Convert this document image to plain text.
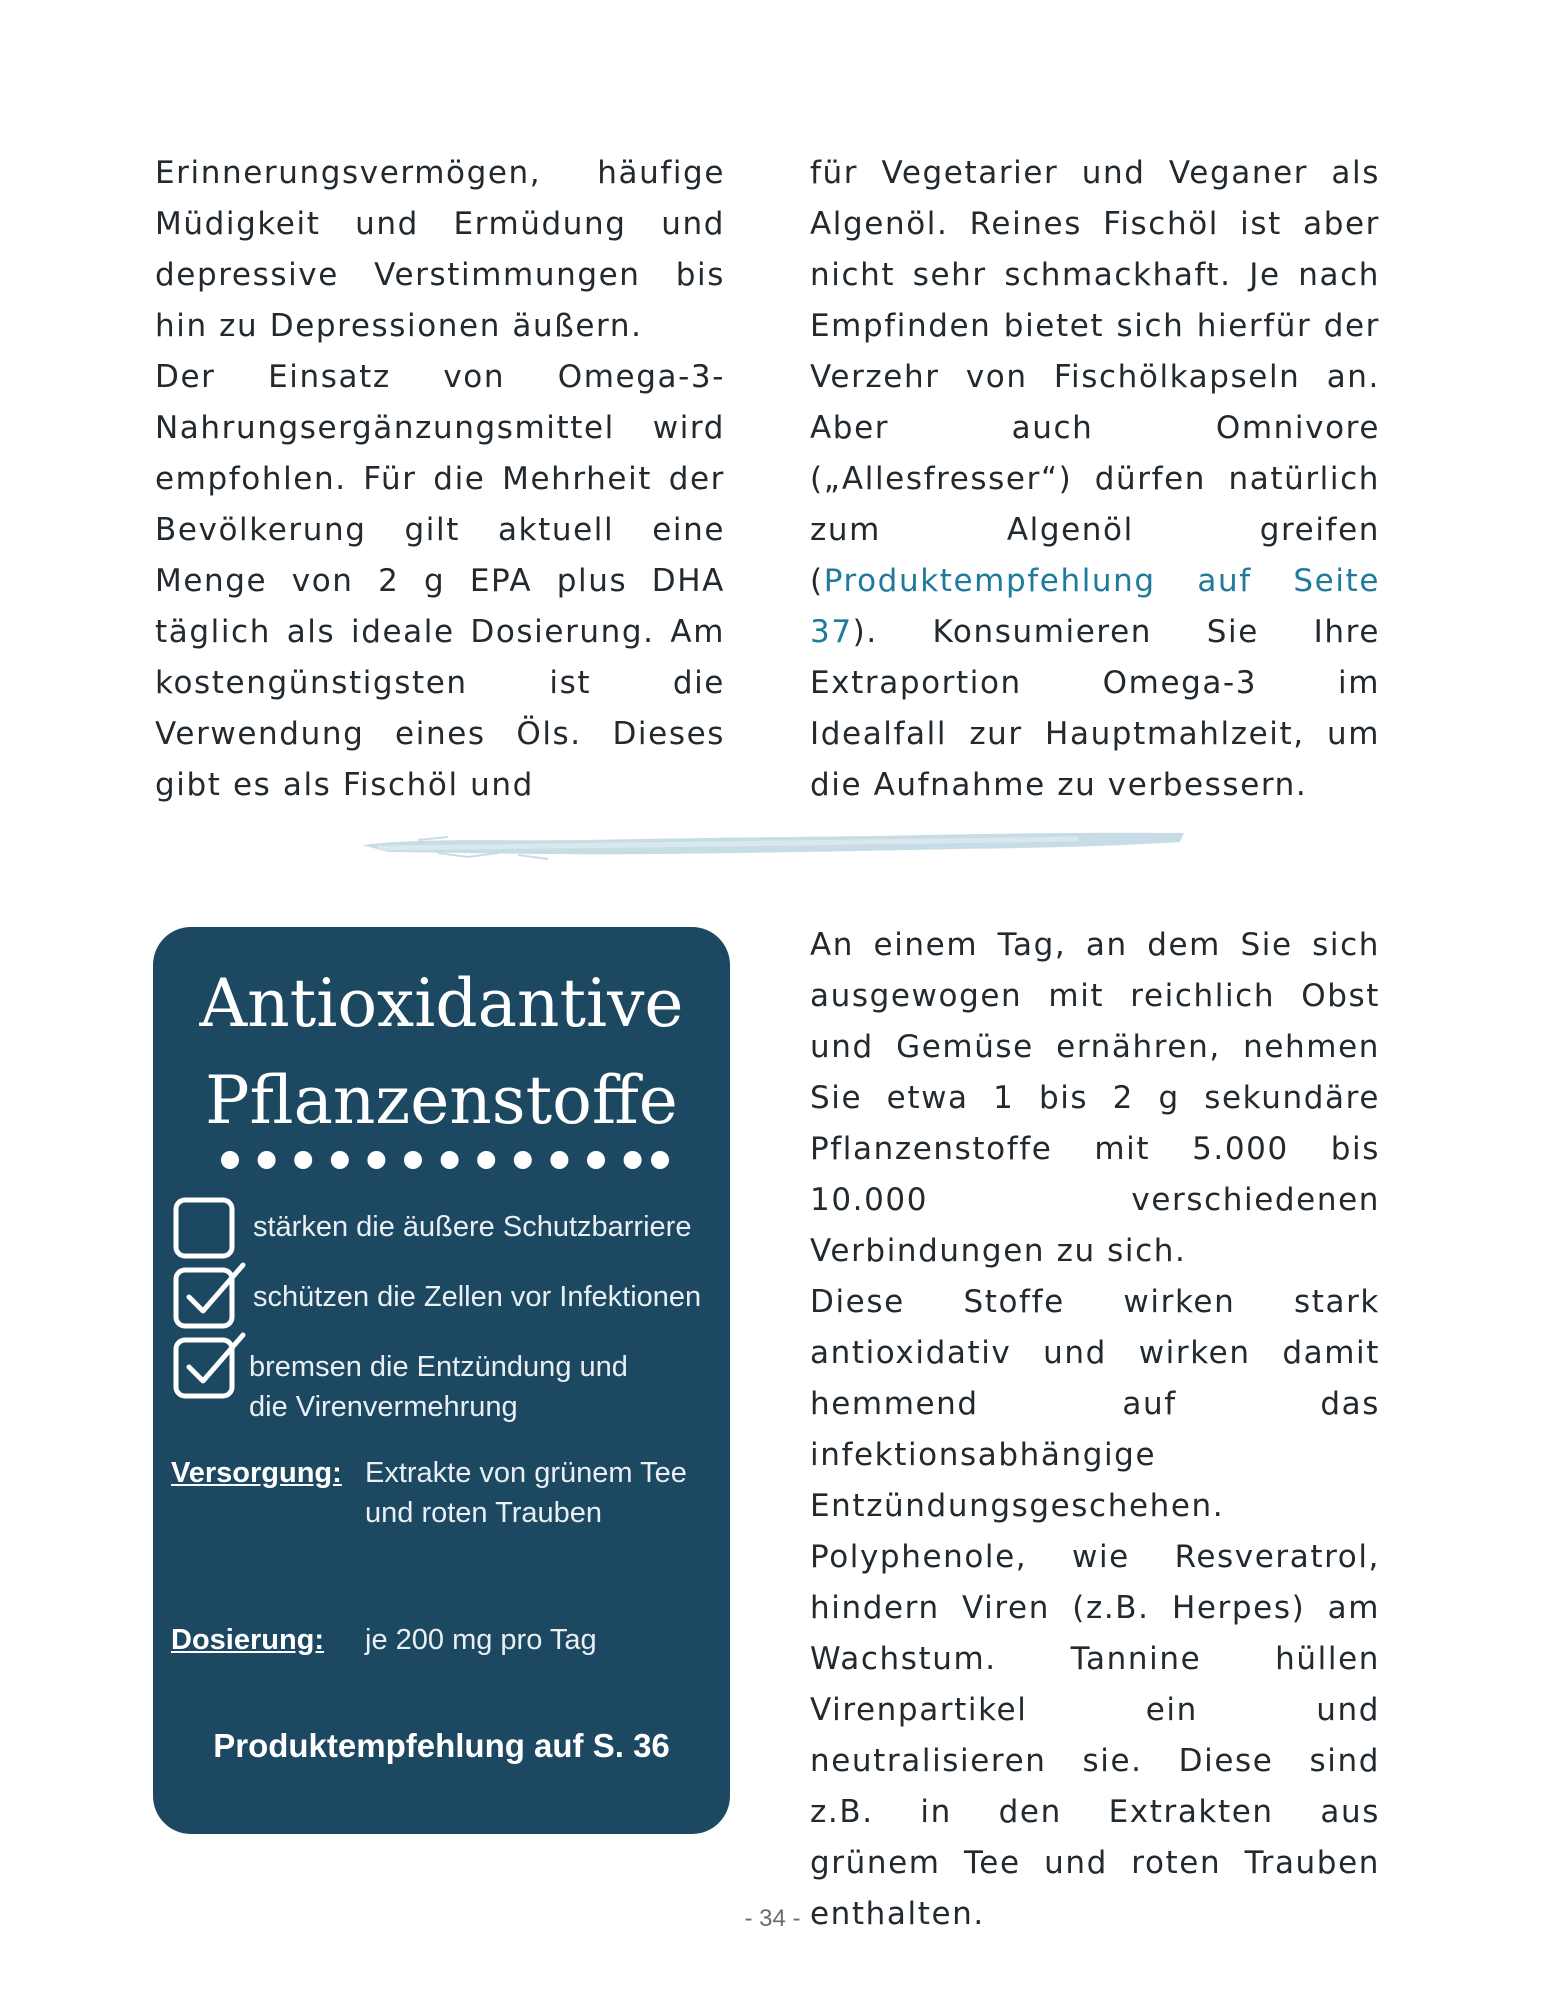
Erinnerungsvermögen, häufige Müdigkeit und Ermüdung und depressive Verstimmungen bis hin zu Depressionen äußern.

Der Einsatz von Omega-3-Nahrungsergänzungsmittel wird empfohlen. Für die Mehrheit der Bevölkerung gilt aktuell eine Menge von 2 g EPA plus DHA täglich als ideale Dosierung. Am kostengünstigsten ist die Verwendung eines Öls. Dieses gibt es als Fischöl und

für Vegetarier und Veganer als Algenöl. Reines Fischöl ist aber nicht sehr schmackhaft. Je nach Empfinden bietet sich hierfür der Verzehr von Fischölkapseln an. Aber auch Omnivore („Allesfresser“) dürfen natürlich zum Algenöl greifen (Produktempfehlung auf Seite 37). Konsumieren Sie Ihre Extraportion Omega-3 im Idealfall zur Hauptmahlzeit, um die Aufnahme zu verbessern.

Antioxidantive
Pflanzenstoffe
stärken die äußere Schutzbarriere
schützen die Zellen vor Infektionen
bremsen die Entzündung und
die Virenvermehrung
Versorgung: Extrakte von grünem Tee
und roten Trauben
Dosierung: je 200 mg pro Tag
Produktempfehlung auf S. 36

An einem Tag, an dem Sie sich ausgewogen mit reichlich Obst und Gemüse ernähren, nehmen Sie etwa 1 bis 2 g sekundäre Pflanzenstoffe mit 5.000 bis 10.000 verschiedenen Verbindungen zu sich.

Diese Stoffe wirken stark antioxidativ und wirken damit hemmend auf das infektionsabhängige Entzündungsgeschehen.

Polyphenole, wie Resveratrol, hindern Viren (z.B. Herpes) am Wachstum. Tannine hüllen Virenpartikel ein und neutralisieren sie. Diese sind z.B. in den Extrakten aus grünem Tee und roten Trauben enthalten.

- 34 -
